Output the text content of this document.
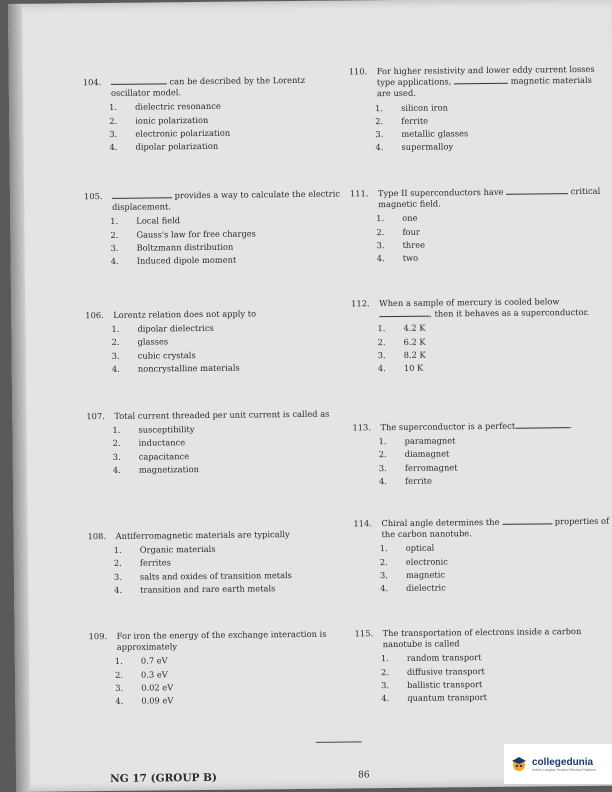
104.	can be described by the Lorentz oscillator model.
1.	dielectric resonance
2.	ionic polarization
3.	electronic polarization
4.	dipolar polarization
105.	provides a way to calculate the electric displacement.
1.	Local field
2.	Gauss's law for free charges
3.	Boltzmann distribution
4.	Induced dipole moment
106.	Lorentz relation does not apply to
1.	dipolar dielectrics
2.	glasses
3.	cubic crystals
4.	noncrystalline materials
107.	Total current threaded per unit current is called as
1.	susceptibility
2.	inductance
3.	capacitance
4.	magnetization
108.	Antiferromagnetic materials are typically
1.	Organic materials
2.	ferrites
3.	salts and oxides of transition metals
4.	transition and rare earth metals
109.	For iron the energy of the exchange interaction is approximately
1.	0.7 eV
2.	0.3 eV
3.	0.02 eV
4.	0.09 eV
110.	For higher resistivity and lower eddy current losses type applications,	magnetic materials are used.
1.	silicon iron
2.	ferrite
3.	metallic glasses
4.	supermalloy
111.	Type II superconductors have	critical magnetic field.
1.	one
2.	four
3.	three
4.	two
112.	When a sample of mercury is cooled below , then it behaves as a superconductor.
1.	4.2 K
2.	6.2 K
3.	8.2 K
4.	10 K
113.	The superconductor is a perfect	.
1.	paramagnet
2.	diamagnet
3.	ferromagnet
4.	ferrite
114.	Chiral angle determines the	properties of the carbon nanotube.
1.	optical
2.	electronic
3.	magnetic
4.	dielectric
115.	The transportation of electrons inside a carbon nanotube is called
1.	random transport
2.	diffusive transport
3.	ballistic transport
4.	quantum transport
NG 17 (GROUP B)	86
collegedunia
India's Largest Student Review Platform
